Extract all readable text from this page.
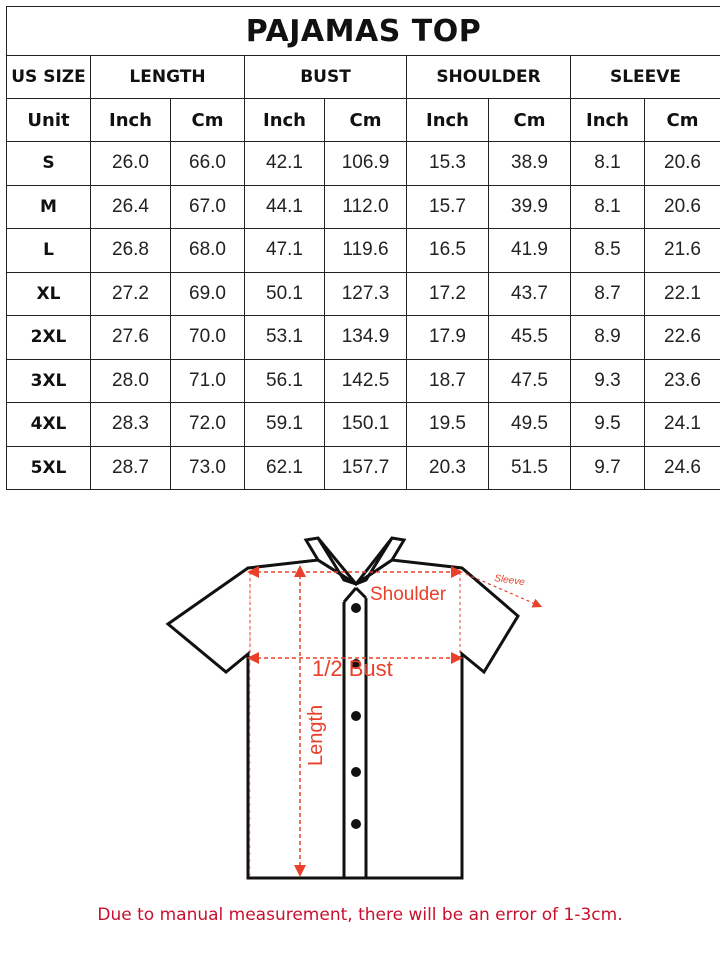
PAJAMAS TOP								
US SIZE	LENGTH		BUST		SHOULDER		SLEEVE	
Unit	Inch	Cm	Inch	Cm	Inch	Cm	Inch	Cm
S	26.0	66.0	42.1	106.9	15.3	38.9	8.1	20.6
M	26.4	67.0	44.1	112.0	15.7	39.9	8.1	20.6
L	26.8	68.0	47.1	119.6	16.5	41.9	8.5	21.6
XL	27.2	69.0	50.1	127.3	17.2	43.7	8.7	22.1
2XL	27.6	70.0	53.1	134.9	17.9	45.5	8.9	22.6
3XL	28.0	71.0	56.1	142.5	18.7	47.5	9.3	23.6
4XL	28.3	72.0	59.1	150.1	19.5	49.5	9.5	24.1
5XL	28.7	73.0	62.1	157.7	20.3	51.5	9.7	24.6
Shoulder
Sleeve
1/2 Bust
Length
Due to manual measurement, there will be an error of 1-3cm.
